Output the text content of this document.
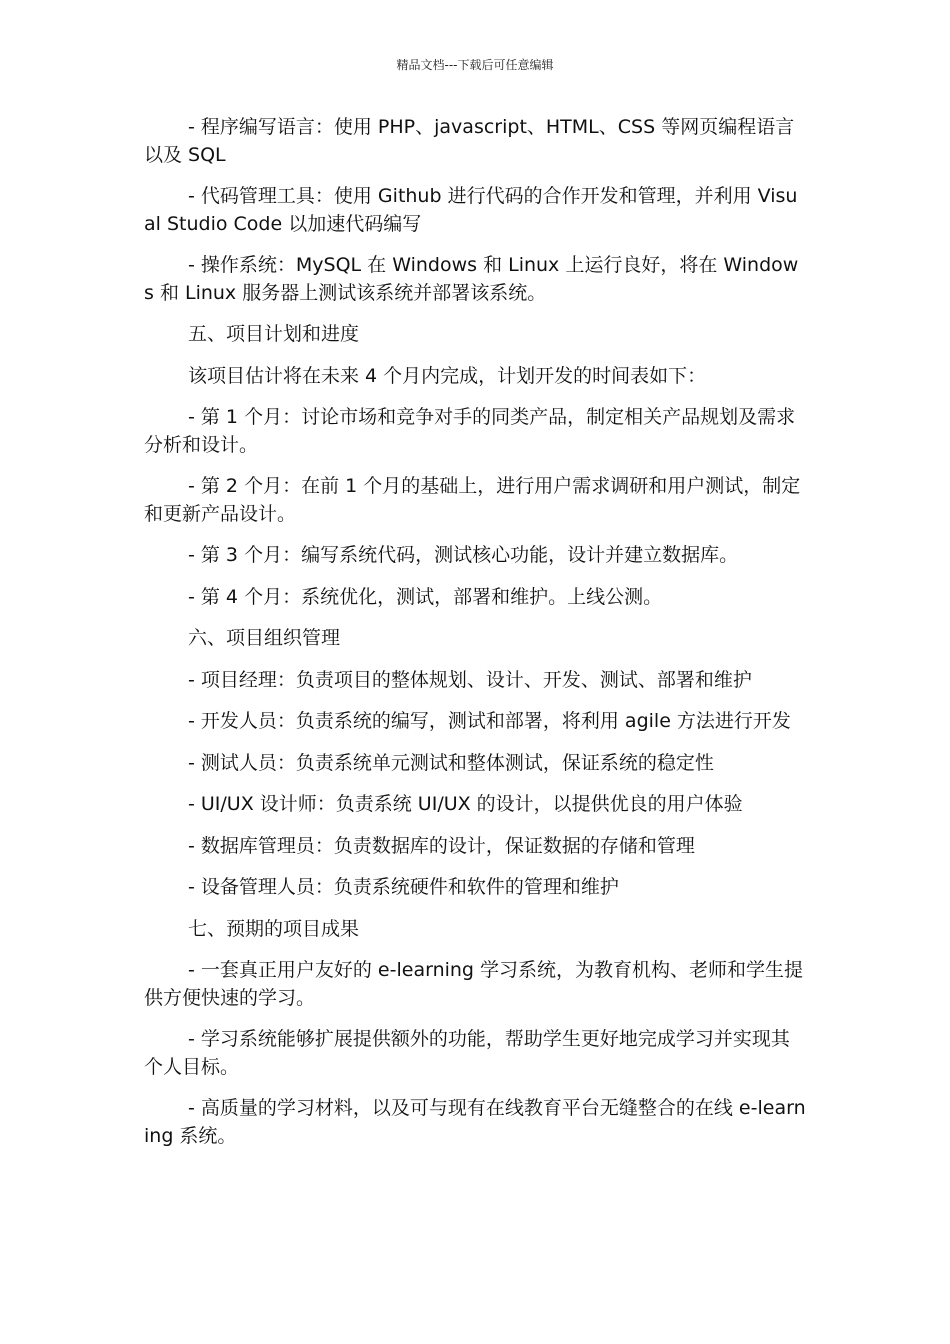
精品文档---下载后可任意编辑

- 程序编写语言：使用 PHP、javascript、HTML、CSS 等网页编程语言以及 SQL

- 代码管理工具：使用 Github 进行代码的合作开发和管理，并利用 Visual Studio Code 以加速代码编写

- 操作系统：MySQL 在 Windows 和 Linux 上运行良好，将在 Windows 和 Linux 服务器上测试该系统并部署该系统。

五、项目计划和进度

该项目估计将在未来 4 个月内完成，计划开发的时间表如下：

- 第 1 个月：讨论市场和竞争对手的同类产品，制定相关产品规划及需求分析和设计。

- 第 2 个月：在前 1 个月的基础上，进行用户需求调研和用户测试，制定和更新产品设计。

- 第 3 个月：编写系统代码，测试核心功能，设计并建立数据库。

- 第 4 个月：系统优化，测试，部署和维护。上线公测。

六、项目组织管理

- 项目经理：负责项目的整体规划、设计、开发、测试、部署和维护

- 开发人员：负责系统的编写，测试和部署，将利用 agile 方法进行开发

- 测试人员：负责系统单元测试和整体测试，保证系统的稳定性

- UI/UX 设计师：负责系统 UI/UX 的设计，以提供优良的用户体验

- 数据库管理员：负责数据库的设计，保证数据的存储和管理

- 设备管理人员：负责系统硬件和软件的管理和维护

七、预期的项目成果

- 一套真正用户友好的 e-learning 学习系统，为教育机构、老师和学生提供方便快速的学习。

- 学习系统能够扩展提供额外的功能，帮助学生更好地完成学习并实现其个人目标。

- 高质量的学习材料，以及可与现有在线教育平台无缝整合的在线 e-learning 系统。
